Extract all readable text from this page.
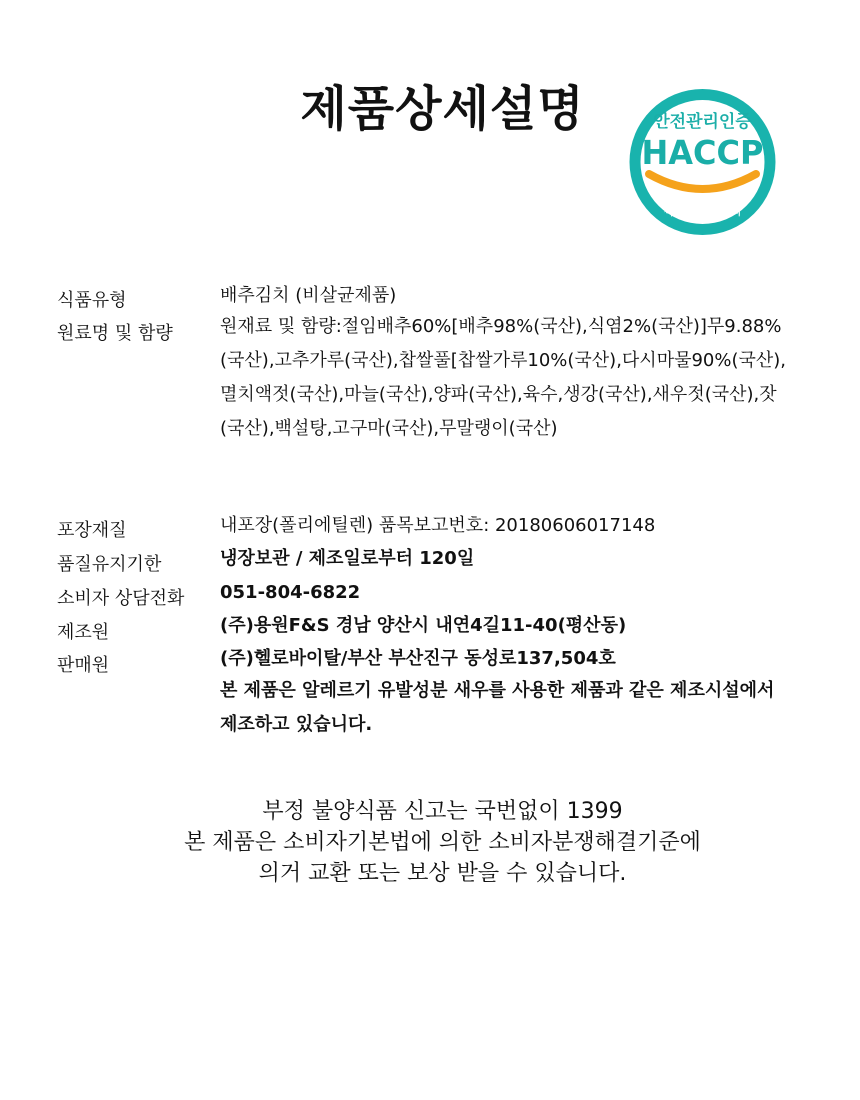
제품상세설명	안전관리인증
HACCP
식품의약품안전처
식품유형	배추김치 (비살균제품)
원료명 및 함량	원재료 및 함량:절임배추60%[배추98%(국산),식염2%(국산)]무9.88%(국산),고추가루(국산),찹쌀풀[찹쌀가루10%(국산),다시마물90%(국산),멸치액젓(국산),마늘(국산),양파(국산),육수,생강(국산),새우젓(국산),잣(국산),백설탕,고구마(국산),무말랭이(국산)
포장재질	내포장(폴리에틸렌) 품목보고번호: 20180606017148
품질유지기한	냉장보관 / 제조일로부터 120일
소비자 상담전화	051-804-6822
제조원	(주)용원F&S 경남 양산시 내연4길11-40(평산동)
판매원	(주)헬로바이탈/부산 부산진구 동성로137,504호
본 제품은 알레르기 유발성분 새우를 사용한 제품과 같은 제조시설에서 제조하고 있습니다.
부정 불양식품 신고는 국번없이 1399
본 제품은 소비자기본법에 의한 소비자분쟁해결기준에
의거 교환 또는 보상 받을 수 있습니다.
